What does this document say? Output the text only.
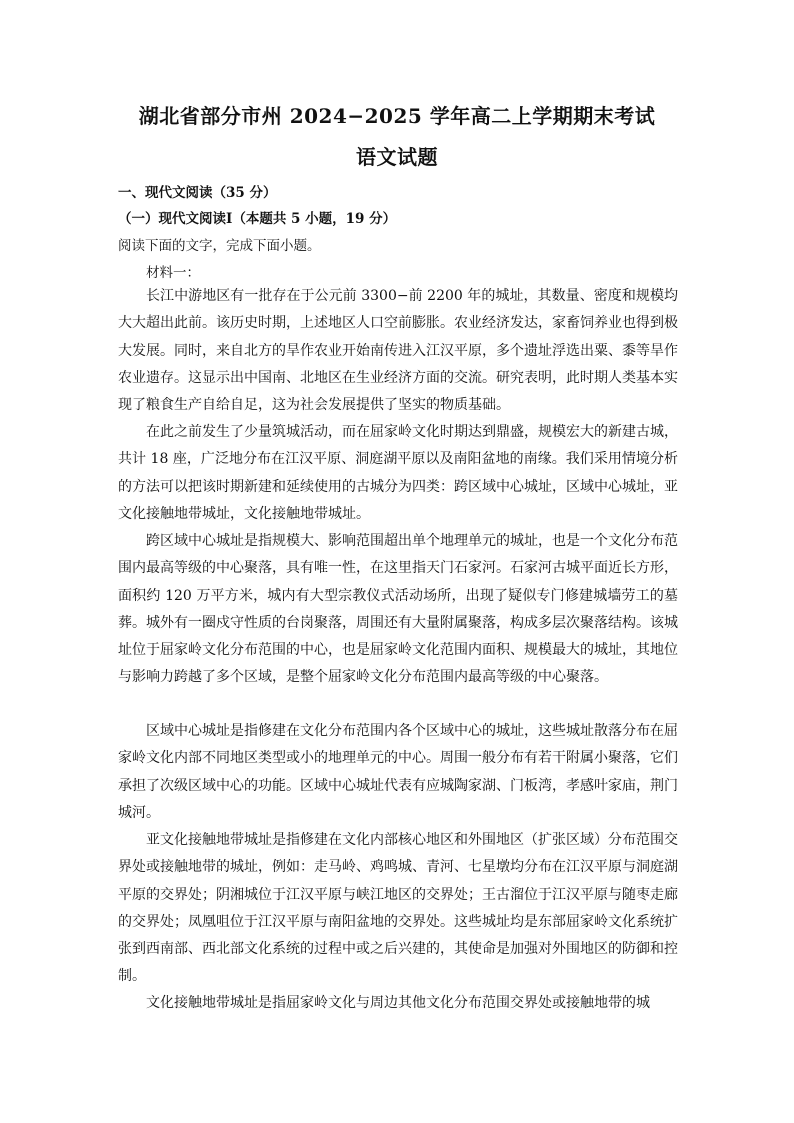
湖北省部分市州 2024−2025 学年高二上学期期末考试
语文试题
一、现代文阅读（35 分）
（一）现代文阅读Ⅰ（本题共 5 小题，19 分）
阅读下面的文字，完成下面小题。
材料一：

长江中游地区有一批存在于公元前 3300−前 2200 年的城址，其数量、密度和规模均大大超出此前。该历史时期，上述地区人口空前膨胀。农业经济发达，家畜饲养业也得到极大发展。同时，来自北方的旱作农业开始南传进入江汉平原，多个遗址浮选出粟、黍等旱作农业遗存。这显示出中国南、北地区在生业经济方面的交流。研究表明，此时期人类基本实现了粮食生产自给自足，这为社会发展提供了坚实的物质基础。

在此之前发生了少量筑城活动，而在屈家岭文化时期达到鼎盛，规模宏大的新建古城，共计 18 座，广泛地分布在江汉平原、洞庭湖平原以及南阳盆地的南缘。我们采用情境分析的方法可以把该时期新建和延续使用的古城分为四类：跨区域中心城址，区域中心城址，亚文化接触地带城址，文化接触地带城址。

跨区域中心城址是指规模大、影响范围超出单个地理单元的城址，也是一个文化分布范围内最高等级的中心聚落，具有唯一性，在这里指天门石家河。石家河古城平面近长方形，面积约 120 万平方米，城内有大型宗教仪式活动场所，出现了疑似专门修建城墙劳工的墓葬。城外有一圈戍守性质的台岗聚落，周围还有大量附属聚落，构成多层次聚落结构。该城址位于屈家岭文化分布范围的中心，也是屈家岭文化范围内面积、规模最大的城址，其地位与影响力跨越了多个区域，是整个屈家岭文化分布范围内最高等级的中心聚落。

区域中心城址是指修建在文化分布范围内各个区域中心的城址，这些城址散落分布在屈家岭文化内部不同地区类型或小的地理单元的中心。周围一般分布有若干附属小聚落，它们承担了次级区域中心的功能。区域中心城址代表有应城陶家湖、门板湾，孝感叶家庙，荆门城河。

亚文化接触地带城址是指修建在文化内部核心地区和外围地区（扩张区域）分布范围交界处或接触地带的城址，例如：走马岭、鸡鸣城、青河、七星墩均分布在江汉平原与洞庭湖平原的交界处；阴湘城位于江汉平原与峡江地区的交界处；王古溜位于江汉平原与随枣走廊的交界处；凤凰咀位于江汉平原与南阳盆地的交界处。这些城址均是东部屈家岭文化系统扩张到西南部、西北部文化系统的过程中或之后兴建的，其使命是加强对外围地区的防御和控制。

文化接触地带城址是指屈家岭文化与周边其他文化分布范围交界处或接触地带的城
